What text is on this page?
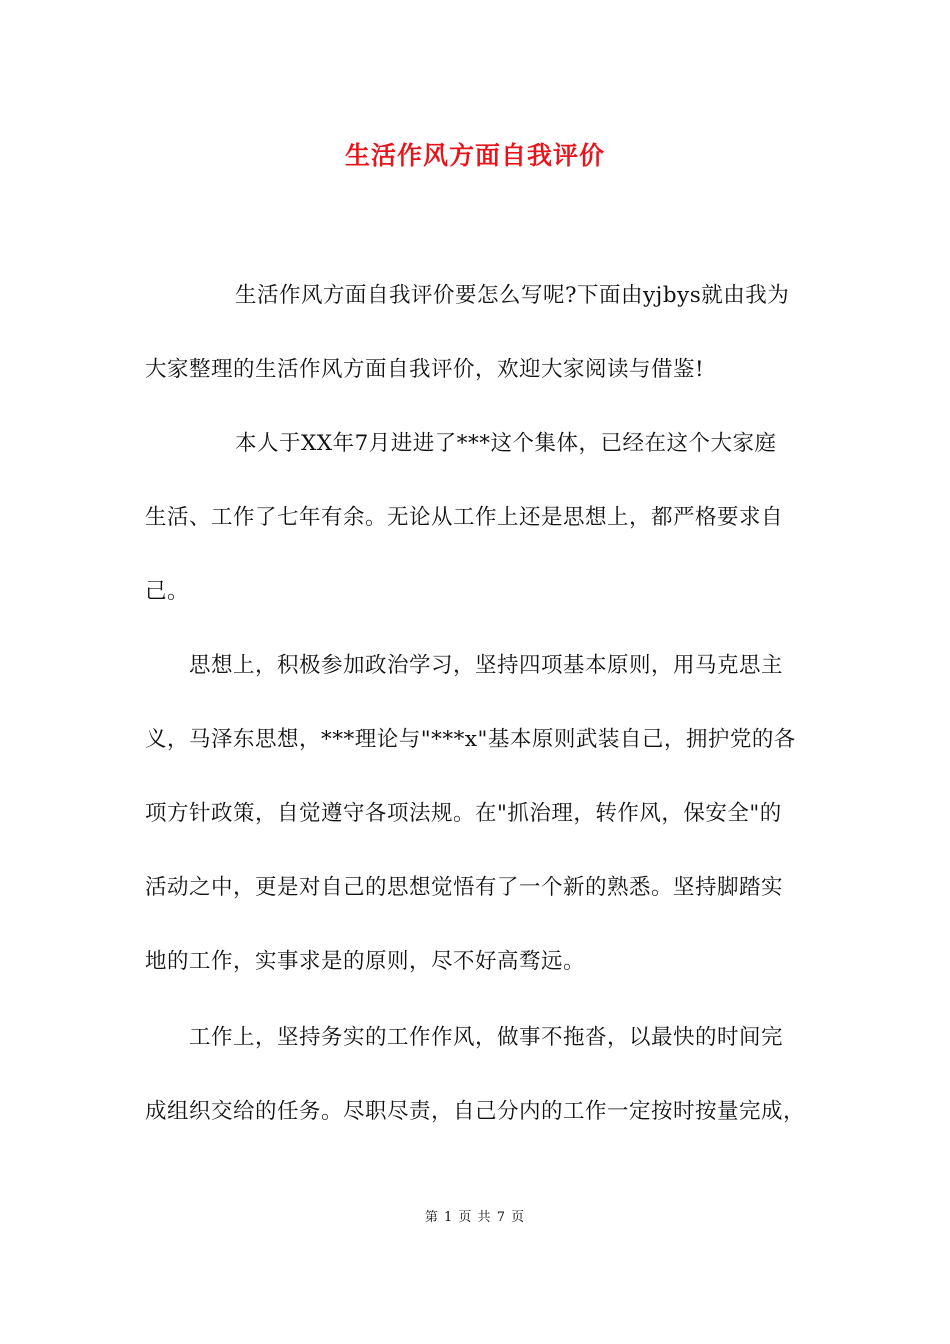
生活作风方面自我评价
生活作风方面自我评价要怎么写呢?下面由yjbys就由我为
大家整理的生活作风方面自我评价，欢迎大家阅读与借鉴!
本人于XX年7月进进了***这个集体，已经在这个大家庭
生活、工作了七年有余。无论从工作上还是思想上，都严格要求自
己。
思想上，积极参加政治学习，坚持四项基本原则，用马克思主
义，马泽东思想，***理论与"***x"基本原则武装自己，拥护党的各
项方针政策，自觉遵守各项法规。在"抓治理，转作风，保安全"的
活动之中，更是对自己的思想觉悟有了一个新的熟悉。坚持脚踏实
地的工作，实事求是的原则，尽不好高骛远。
工作上，坚持务实的工作作风，做事不拖沓，以最快的时间完
成组织交给的任务。尽职尽责，自己分内的工作一定按时按量完成，
第 1 页 共 7 页
